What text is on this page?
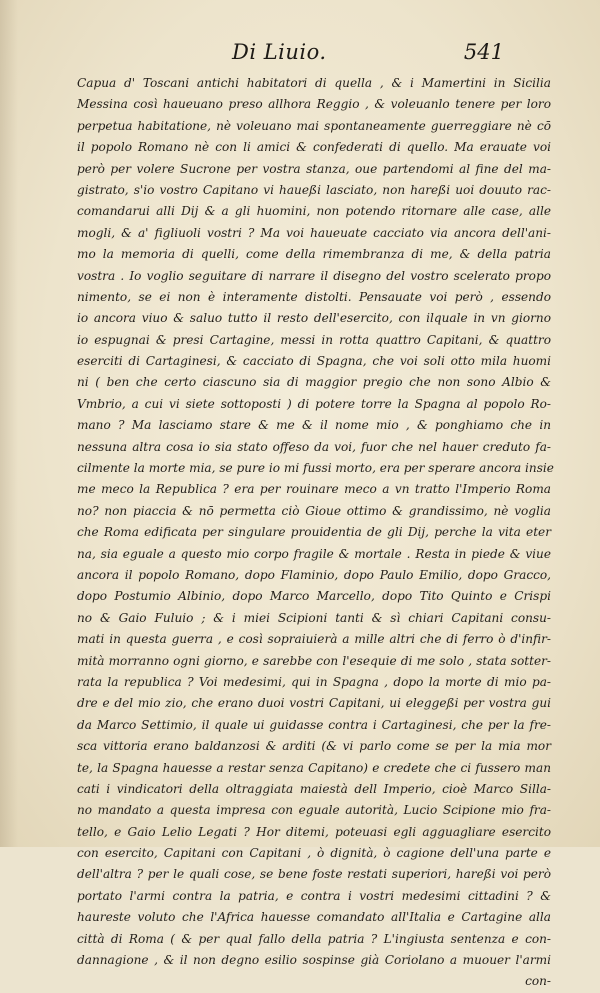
Di Liuio.	541
Capua d' Toscani antichi habitatori di quella , & i Mamertini in Sicilia
Messina così haueuano preso allhora Reggio , & voleuanlo tenere per loro
perpetua habitatione, nè voleuano mai spontaneamente guerreggiare nè cō
il popolo Romano nè con li amici & confederati di quello. Ma erauate voi
però per volere Sucrone per vostra stanza, oue partendomi al fine del ma-
gistrato, s'io vostro Capitano vi haueßi lasciato, non hareßi uoi douuto rac-
comandarui alli Dij & a gli huomini, non potendo ritornare alle case, alle
mogli, & a' figliuoli vostri ? Ma voi haueuate cacciato via ancora dell'ani-
mo la memoria di quelli, come della rimembranza di me, & della patria
vostra . Io voglio seguitare di narrare il disegno del vostro scelerato propo
nimento, se ei non è interamente distolti. Pensauate voi però , essendo
io ancora viuo & saluo tutto il resto dell'esercito, con ilquale in vn giorno
io espugnai & presi Cartagine, messi in rotta quattro Capitani, & quattro
eserciti di Cartaginesi, & cacciato di Spagna, che voi soli otto mila huomi
ni ( ben che certo ciascuno sia di maggior pregio che non sono Albio &
Vmbrio, a cui vi siete sottoposti ) di potere torre la Spagna al popolo Ro-
mano ? Ma lasciamo stare & me & il nome mio , & ponghiamo che in
nessuna altra cosa io sia stato offeso da voi, fuor che nel hauer creduto fa-
cilmente la morte mia, se pure io mi fussi morto, era per sperare ancora insie
me meco la Republica ? era per rouinare meco a vn tratto l'Imperio Roma
no? non piaccia & nō permetta ciò Gioue ottimo & grandissimo, nè voglia
che Roma edificata per singulare prouidentia de gli Dij, perche la vita eter
na, sia eguale a questo mio corpo fragile & mortale . Resta in piede & viue
ancora il popolo Romano, dopo Flaminio, dopo Paulo Emilio, dopo Gracco,
dopo Postumio Albinio, dopo Marco Marcello, dopo Tito Quinto e Crispi
no & Gaio Fuluio ; & i miei Scipioni tanti & sì chiari Capitani consu-
mati in questa guerra , e così sopraiuierà a mille altri che di ferro ò d'infir-
mità morranno ogni giorno, e sarebbe con l'esequie di me solo , stata sotter-
rata la republica ? Voi medesimi, qui in Spagna , dopo la morte di mio pa-
dre e del mio zio, che erano duoi vostri Capitani, ui eleggeßi per vostra gui
da Marco Settimio, il quale ui guidasse contra i Cartaginesi, che per la fre-
sca vittoria erano baldanzosi & arditi (& vi parlo come se per la mia mor
te, la Spagna hauesse a restar senza Capitano) e credete che ci fussero man
cati i vindicatori della oltraggiata maiestà dell Imperio, cioè Marco Silla-
no mandato a questa impresa con eguale autorità, Lucio Scipione mio fra-
tello, e Gaio Lelio Legati ? Hor ditemi, poteuasi egli agguagliare esercito
con esercito, Capitani con Capitani , ò dignità, ò cagione dell'una parte e
dell'altra ? per le quali cose, se bene foste restati superiori, hareßi voi però
portato l'armi contra la patria, e contra i vostri medesimi cittadini ? &
haureste voluto che l'Africa hauesse comandato all'Italia e Cartagine alla
città di Roma ( & per qual fallo della patria ? L'ingiusta sentenza e con-
dannagione , & il non degno esilio sospinse già Coriolano a muouer l'armi
con-
